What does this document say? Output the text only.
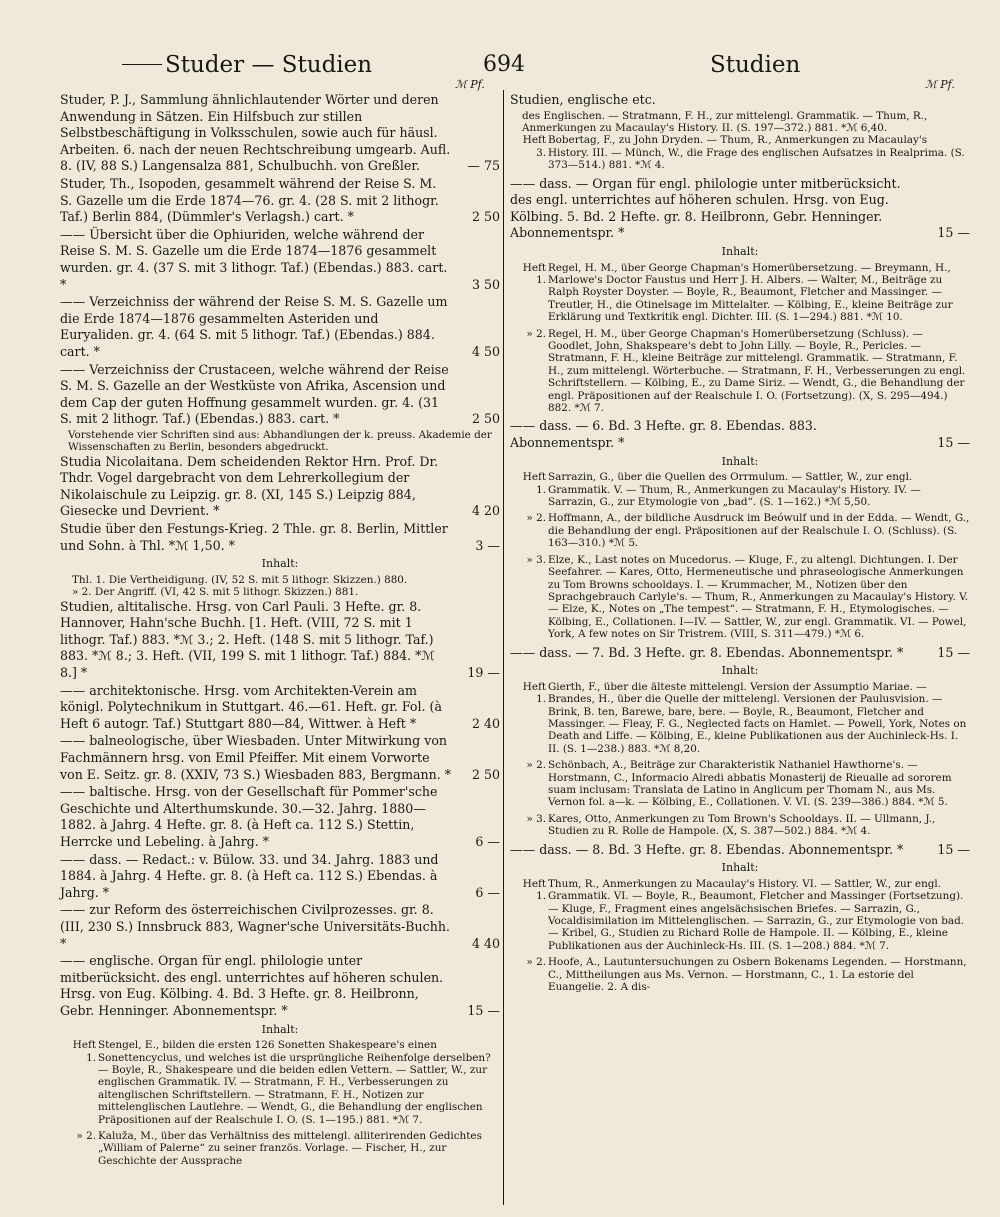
Studer — Studien	694	Studien
ℳ Pf.	ℳ Pf.
Studer, P. J., Sammlung ähnlichlautender Wörter und deren Anwendung in Sätzen. Ein Hilfsbuch zur stillen Selbstbeschäftigung in Volksschulen, sowie auch für häusl. Arbeiten. 6. nach der neuen Rechtschreibung umgearb. Aufl. 8. (IV, 88 S.) Langensalza 881, Schulbuchh. von Greßler.	— 75
Studer, Th., Isopoden, gesammelt während der Reise S. M. S. Gazelle um die Erde 1874—76. gr. 4. (28 S. mit 2 lithogr. Taf.) Berlin 884, (Dümmler's Verlagsh.) cart. *	2 50
—— Übersicht über die Ophiuriden, welche während der Reise S. M. S. Gazelle um die Erde 1874—1876 gesammelt wurden. gr. 4. (37 S. mit 3 lithogr. Taf.) (Ebendas.) 883. cart. *	3 50
—— Verzeichniss der während der Reise S. M. S. Gazelle um die Erde 1874—1876 gesammelten Asteriden und Euryaliden. gr. 4. (64 S. mit 5 lithogr. Taf.) (Ebendas.) 884. cart. *	4 50
—— Verzeichniss der Crustaceen, welche während der Reise S. M. S. Gazelle an der Westküste von Afrika, Ascension und dem Cap der guten Hoffnung gesammelt wurden. gr. 4. (31 S. mit 2 lithogr. Taf.) (Ebendas.) 883. cart. *	2 50
Vorstehende vier Schriften sind aus: Abhandlungen der k. preuss. Akademie der Wissenschaften zu Berlin, besonders abgedruckt.
Studia Nicolaitana. Dem scheidenden Rektor Hrn. Prof. Dr. Thdr. Vogel dargebracht von dem Lehrerkollegium der Nikolaischule zu Leipzig. gr. 8. (XI, 145 S.) Leipzig 884, Giesecke und Devrient. *	4 20
Studie über den Festungs-Krieg. 2 Thle. gr. 8. Berlin, Mittler und Sohn. à Thl. *ℳ 1,50. *	3 —
Inhalt:
Thl. 1. Die Vertheidigung. (IV, 52 S. mit 5 lithogr. Skizzen.) 880.
» 2. Der Angriff. (VI, 42 S. mit 5 lithogr. Skizzen.) 881.
Studien, altitalische. Hrsg. von Carl Pauli. 3 Hefte. gr. 8. Hannover, Hahn'sche Buchh. [1. Heft. (VIII, 72 S. mit 1 lithogr. Taf.) 883. *ℳ 3.; 2. Heft. (148 S. mit 5 lithogr. Taf.) 883. *ℳ 8.; 3. Heft. (VII, 199 S. mit 1 lithogr. Taf.) 884. *ℳ 8.] *	19 —
—— architektonische. Hrsg. vom Architekten-Verein am königl. Polytechnikum in Stuttgart. 46.—61. Heft. gr. Fol. (à Heft 6 autogr. Taf.) Stuttgart 880—84, Wittwer. à Heft *	2 40
—— balneologische, über Wiesbaden. Unter Mitwirkung von Fachmännern hrsg. von Emil Pfeiffer. Mit einem Vorworte von E. Seitz. gr. 8. (XXIV, 73 S.) Wiesbaden 883, Bergmann. *	2 50
—— baltische. Hrsg. von der Gesellschaft für Pommer'sche Geschichte und Alterthumskunde. 30.—32. Jahrg. 1880—1882. à Jahrg. 4 Hefte. gr. 8. (à Heft ca. 112 S.) Stettin, Herrcke und Lebeling. à Jahrg. *	6 —
—— dass. — Redact.: v. Bülow. 33. und 34. Jahrg. 1883 und 1884. à Jahrg. 4 Hefte. gr. 8. (à Heft ca. 112 S.) Ebendas. à Jahrg. *	6 —
—— zur Reform des österreichischen Civilprozesses. gr. 8. (III, 230 S.) Innsbruck 883, Wagner'sche Universitäts-Buchh. *	4 40
—— englische. Organ für engl. philologie unter mitberücksicht. des engl. unterrichtes auf höheren schulen. Hrsg. von Eug. Kölbing. 4. Bd. 3 Hefte. gr. 8. Heilbronn, Gebr. Henninger. Abonnementspr. *	15 —
Inhalt:
Heft 1.
Stengel, E., bilden die ersten 126 Sonetten Shakespeare's einen Sonettencyclus, und welches ist die ursprüngliche Reihenfolge derselben? — Boyle, R., Shakespeare und die beiden edlen Vettern. — Sattler, W., zur englischen Grammatik. IV. — Stratmann, F. H., Verbesserungen zu altenglischen Schriftstellern. — Stratmann, F. H., Notizen zur mittelenglischen Lautlehre. — Wendt, G., die Behandlung der englischen Präpositionen auf der Realschule I. O. (S. 1—195.) 881. *ℳ 7.
» 2. Kaluža, M., über das Verhältniss des mittelengl. alliterirenden Gedichtes „William of Palerne“ zu seiner französ. Vorlage. — Fischer, H., zur Geschichte der Aussprache
Studien, englische etc.
des Englischen. — Stratmann, F. H., zur mittelengl. Grammatik. — Thum, R., Anmerkungen zu Macaulay's History. II. (S. 197—372.) 881. *ℳ 6,40.
Heft 3.
Bobertag, F., zu John Dryden. — Thum, R., Anmerkungen zu Macaulay's History. III. — Münch, W., die Frage des englischen Aufsatzes in Realprima. (S. 373—514.) 881. *ℳ 4.
—— dass. — Organ für engl. philologie unter mitberücksicht. des engl. unterrichtes auf höheren schulen. Hrsg. von Eug. Kölbing. 5. Bd. 2 Hefte. gr. 8. Heilbronn, Gebr. Henninger. Abonnementspr. *	15 —
Inhalt:
Heft 1.
Regel, H. M., über George Chapman's Homerübersetzung. — Breymann, H., Marlowe's Doctor Faustus und Herr J. H. Albers. — Walter, M., Beiträge zu Ralph Royster Doyster. — Boyle, R., Beaumont, Fletcher and Massinger. — Treutler, H., die Otinelsage im Mittelalter. — Kölbing, E., kleine Beiträge zur Erklärung und Textkritik engl. Dichter. III. (S. 1—294.) 881. *ℳ 10.
» 2. Regel, H. M., über George Chapman's Homerübersetzung (Schluss). — Goodlet, John, Shakspeare's debt to John Lilly. — Boyle, R., Pericles. — Stratmann, F. H., kleine Beiträge zur mittelengl. Grammatik. — Stratmann, F. H., zum mittelengl. Wörterbuche. — Stratmann, F. H., Verbesserungen zu engl. Schriftstellern. — Kölbing, E., zu Dame Siriz. — Wendt, G., die Behandlung der engl. Präpositionen auf der Realschule I. O. (Fortsetzung). (X, S. 295—494.) 882. *ℳ 7.
—— dass. — 6. Bd. 3 Hefte. gr. 8. Ebendas. 883. Abonnementspr. *	15 —
Inhalt:
Heft 1.
Sarrazin, G., über die Quellen des Orrmulum. — Sattler, W., zur engl. Grammatik. V. — Thum, R., Anmerkungen zu Macaulay's History. IV. — Sarrazin, G., zur Etymologie von „bad“. (S. 1—162.) *ℳ 5,50.
» 2. Hoffmann, A., der bildliche Ausdruck im Beówulf und in der Edda. — Wendt, G., die Behandlung der engl. Präpositionen auf der Realschule I. O. (Schluss). (S. 163—310.) *ℳ 5.
» 3. Elze, K., Last notes on Mucedorus. — Kluge, F., zu altengl. Dichtungen. I. Der Seefahrer. — Kares, Otto, Hermeneutische und phraseologische Anmerkungen zu Tom Browns schooldays. I. — Krummacher, M., Notizen über den Sprachgebrauch Carlyle's. — Thum, R., Anmerkungen zu Macaulay's History. V. — Elze, K., Notes on „The tempest“. — Stratmann, F. H., Etymologisches. — Kölbing, E., Collationen. I—IV. — Sattler, W., zur engl. Grammatik. VI. — Powel, York, A few notes on Sir Tristrem. (VIII, S. 311—479.) *ℳ 6.
—— dass. — 7. Bd. 3 Hefte. gr. 8. Ebendas. Abonnementspr. *	15 —
Inhalt:
Heft 1.
Gierth, F., über die älteste mittelengl. Version der Assumptio Mariae. — Brandes, H., über die Quelle der mittelengl. Versionen der Paulusvision. — Brink, B. ten, Barewe, bare, bere. — Boyle, R., Beaumont, Fletcher and Massinger. — Fleay, F. G., Neglected facts on Hamlet. — Powell, York, Notes on Death and Liffe. — Kölbing, E., kleine Publikationen aus der Auchinleck-Hs. I. II. (S. 1—238.) 883. *ℳ 8,20.
» 2. Schönbach, A., Beiträge zur Charakteristik Nathaniel Hawthorne's. — Horstmann, C., Informacio Alredi abbatis Monasterij de Rieualle ad sororem suam inclusam: Translata de Latino in Anglicum per Thomam N., aus Ms. Vernon fol. a—k. — Kölbing, E., Collationen. V. VI. (S. 239—386.) 884. *ℳ 5.
» 3. Kares, Otto, Anmerkungen zu Tom Brown's Schooldays. II. — Ullmann, J., Studien zu R. Rolle de Hampole. (X, S. 387—502.) 884. *ℳ 4.
—— dass. — 8. Bd. 3 Hefte. gr. 8. Ebendas. Abonnementspr. *	15 —
Inhalt:
Heft 1.
Thum, R., Anmerkungen zu Macaulay's History. VI. — Sattler, W., zur engl. Grammatik. VI. — Boyle, R., Beaumont, Fletcher and Massinger (Fortsetzung). — Kluge, F., Fragment eines angelsächsischen Briefes. — Sarrazin, G., Vocaldisimilation im Mittelenglischen. — Sarrazin, G., zur Etymologie von bad. — Kribel, G., Studien zu Richard Rolle de Hampole. II. — Kölbing, E., kleine Publikationen aus der Auchinleck-Hs. III. (S. 1—208.) 884. *ℳ 7.
» 2. Hoofe, A., Lautuntersuchungen zu Osbern Bokenams Legenden. — Horstmann, C., Mittheilungen aus Ms. Vernon. — Horstmann, C., 1. La estorie del Euangelie. 2. A dis-
